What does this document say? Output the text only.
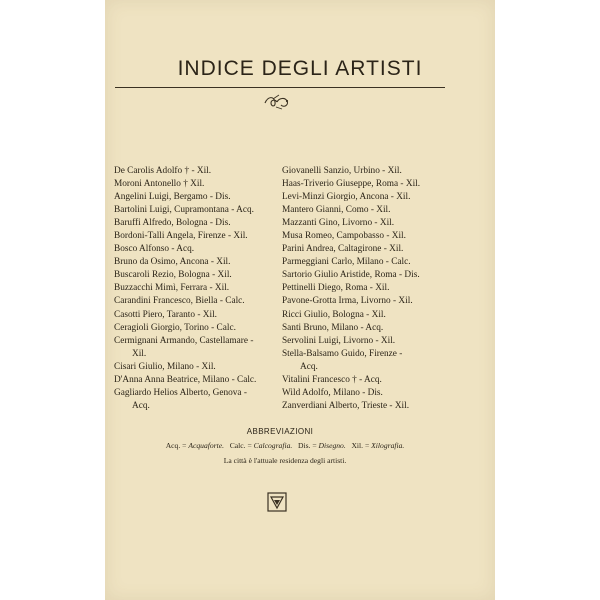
INDICE DEGLI ARTISTI
De Carolis Adolfo † - Xil.
Moroni Antonello † Xil.
Angelini Luigi, Bergamo - Dis.
Bartolini Luigi, Cupramontana - Acq.
Baruffi Alfredo, Bologna - Dis.
Bordoni-Talli Angela, Firenze - Xil.
Bosco Alfonso - Acq.
Bruno da Osimo, Ancona - Xil.
Buscaroli Rezio, Bologna - Xil.
Buzzacchi Mimì, Ferrara - Xil.
Carandini Francesco, Biella - Calc.
Casotti Piero, Taranto - Xil.
Ceragioli Giorgio, Torino - Calc.
Cermignani Armando, Castellamare -
Xil.
Cisari Giulio, Milano - Xil.
D'Anna Anna Beatrice, Milano - Calc.
Gagliardo Helios Alberto, Genova -
Acq.
Giovanelli Sanzio, Urbino - Xil.
Haas-Triverio Giuseppe, Roma - Xil.
Levi-Minzi Giorgio, Ancona - Xil.
Mantero Gianni, Como - Xil.
Mazzanti Gino, Livorno - Xil.
Musa Romeo, Campobasso - Xil.
Parini Andrea, Caltagirone - Xil.
Parmeggiani Carlo, Milano - Calc.
Sartorio Giulio Aristide, Roma - Dis.
Pettinelli Diego, Roma - Xil.
Pavone-Grotta Irma, Livorno - Xil.
Ricci Giulio, Bologna - Xil.
Santi Bruno, Milano - Acq.
Servolini Luigi, Livorno - Xil.
Stella-Balsamo Guido, Firenze -
Acq.
Vitalini Francesco † - Acq.
Wild Adolfo, Milano - Dis.
Zanverdiani Alberto, Trieste - Xil.
ABBREVIAZIONI
Acq. = Acquaforte. Calc. = Calcografia. Dis. = Disegno. Xil. = Xilografia.
La città è l'attuale residenza degli artisti.
